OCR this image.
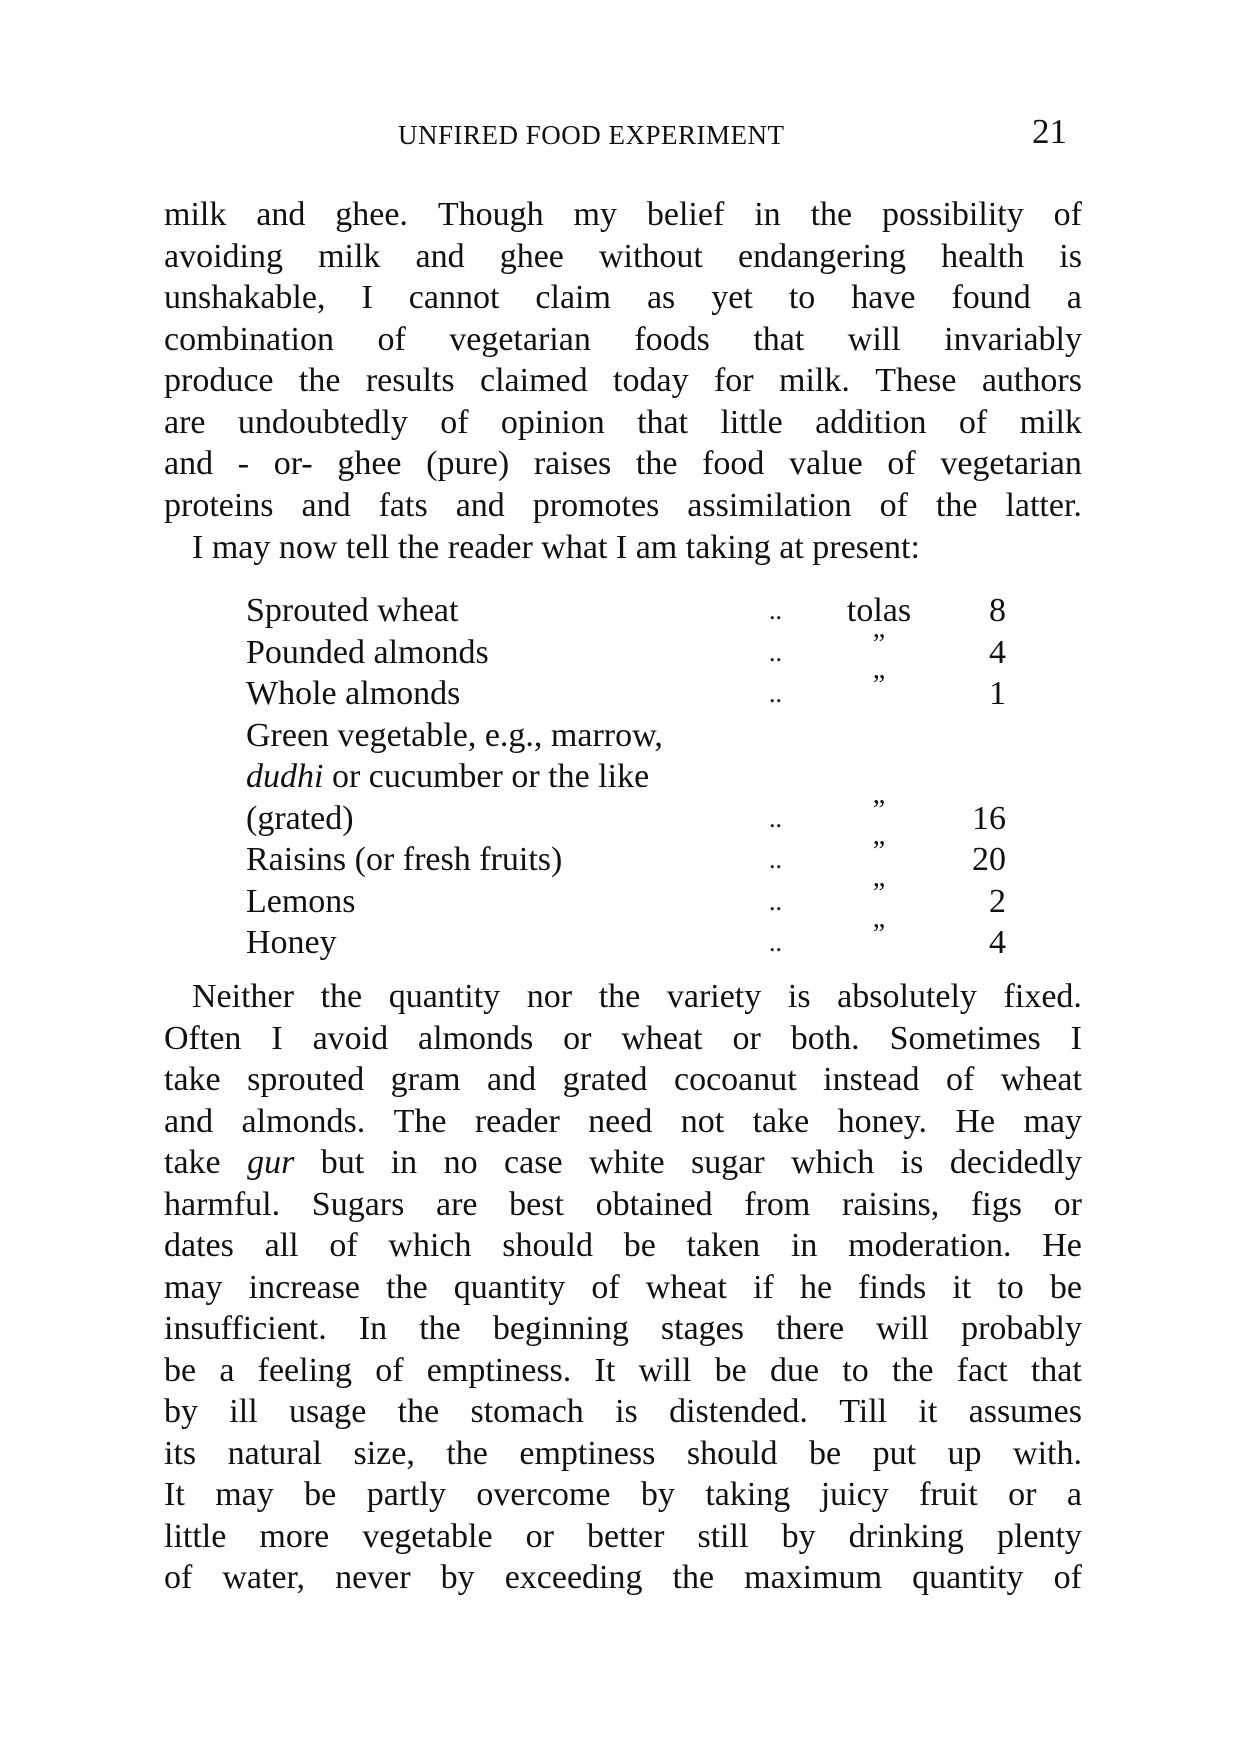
UNFIRED FOOD EXPERIMENT	21
milk and ghee. Though my belief in the possibility of
avoiding milk and ghee without endangering health is
unshakable, I cannot claim as yet to have found a
combination of vegetarian foods that will invariably
produce the results claimed today for milk. These authors
are undoubtedly of opinion that little addition of milk
and - or- ghee (pure) raises the food value of vegetarian
proteins and fats and promotes assimilation of the latter.
I may now tell the reader what I am taking at present:
Sprouted wheat	..	tolas	8
Pounded almonds	..	”	4
Whole almonds	..	”	1
Green vegetable, e.g., marrow,
dudhi or cucumber or the like
(grated)	..	”	16
Raisins (or fresh fruits)	..	”	20
Lemons	..	”	2
Honey	..	”	4
Neither the quantity nor the variety is absolutely fixed.
Often I avoid almonds or wheat or both. Sometimes I
take sprouted gram and grated cocoanut instead of wheat
and almonds. The reader need not take honey. He may
take gur but in no case white sugar which is decidedly
harmful. Sugars are best obtained from raisins, figs or
dates all of which should be taken in moderation. He
may increase the quantity of wheat if he finds it to be
insufficient. In the beginning stages there will probably
be a feeling of emptiness. It will be due to the fact that
by ill usage the stomach is distended. Till it assumes
its natural size, the emptiness should be put up with.
It may be partly overcome by taking juicy fruit or a
little more vegetable or better still by drinking plenty
of water, never by exceeding the maximum quantity of
